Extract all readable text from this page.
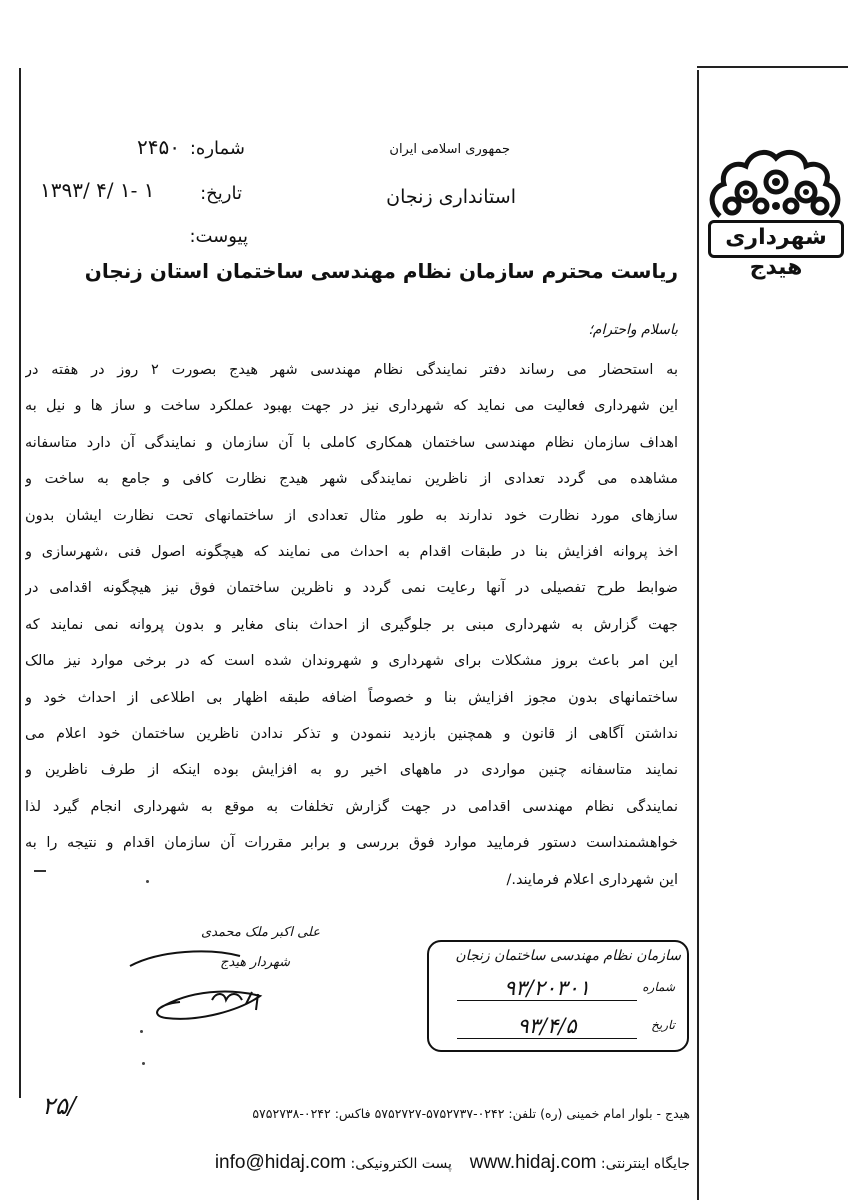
شهرداری هیدج
جمهوری اسلامی ایران
استانداری زنجان
شماره:
۲۴۵۰
تاریخ:
۱۳۹۳/ ۴/ ۱- ۱
پیوست:
ریاست محترم سازمان نظام مهندسی ساختمان استان زنجان
باسلام واحترام؛
به استحضار می رساند دفتر نمایندگی نظام مهندسی شهر هیدج بصورت ۲ روز در هفته در
این شهرداری فعالیت می نماید که شهرداری نیز در جهت بهبود عملکرد ساخت و ساز ها و نیل به
اهداف سازمان نظام مهندسی ساختمان همکاری کاملی با آن سازمان و نمایندگی آن دارد متاسفانه
مشاهده می گردد تعدادی از ناظرین نمایندگی شهر هیدج نظارت کافی و جامع به ساخت و
سازهای مورد نظارت خود ندارند به طور مثال تعدادی از ساختمانهای تحت نظارت ایشان بدون
اخذ پروانه افزایش بنا در طبقات اقدام به احداث می نمایند که هیچگونه اصول فنی ،شهرسازی و
ضوابط طرح تفصیلی در آنها رعایت نمی گردد و ناظرین ساختمان فوق نیز هیچگونه اقدامی در
جهت گزارش به شهرداری مبنی بر جلوگیری از احداث بنای مغایر و بدون پروانه نمی نمایند که
این امر باعث بروز مشکلات برای شهرداری و شهروندان شده است که در برخی موارد نیز مالک
ساختمانهای بدون مجوز افزایش بنا و خصوصاً اضافه طبقه اظهار بی اطلاعی از احداث خود و
نداشتن آگاهی از قانون و همچنین بازدید ننمودن و تذکر ندادن ناظرین ساختمان خود اعلام می
نمایند متاسفانه چنین مواردی در ماههای اخیر رو به افزایش بوده اینکه از طرف ناظرین و
نمایندگی نظام مهندسی اقدامی در جهت گزارش تخلفات به موقع به شهرداری انجام گیرد لذا
خواهشمنداست دستور فرمایید موارد فوق بررسی و برابر مقررات آن سازمان اقدام و نتیجه را به
این شهرداری اعلام فرمایند./
علی اکبر ملک محمدی
شهردار هیدج	سازمان نظام مهندسی ساختمان زنجان
شماره
۹۳/۲۰۳۰۱
تاریخ
۹۳/۴/۵
۲۵/	هیدج - بلوار امام خمینی (ره) تلفن: ۰۲۴۲-۵۷۵۲۷۳۷-۵۷۵۲۷۲۷ فاکس: ۰۲۴۲-۵۷۵۲۷۳۸
جایگاه اینترنتی: www.hidaj.com    پست الکترونیکی: info@hidaj.com
